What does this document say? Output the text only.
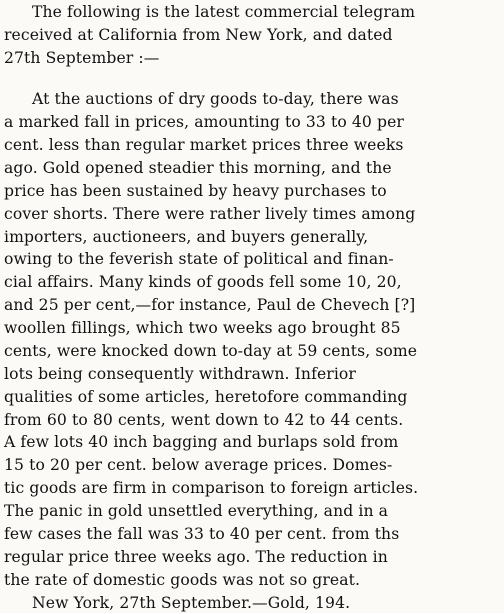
The following is the latest commercial telegram
received at California from New York, and dated
27th September :—
At the auctions of dry goods to-day, there was
a marked fall in prices, amounting to 33 to 40 per
cent. less than regular market prices three weeks
ago. Gold opened steadier this morning, and the
price has been sustained by heavy purchases to
cover shorts. There were rather lively times among
importers, auctioneers, and buyers generally,
owing to the feverish state of political and finan-
cial affairs. Many kinds of goods fell some 10, 20,
and 25 per cent,—for instance, Paul de Chevech [?]
woollen fillings, which two weeks ago brought 85
cents, were knocked down to-day at 59 cents, some
lots being consequently withdrawn. Inferior
qualities of some articles, heretofore commanding
from 60 to 80 cents, went down to 42 to 44 cents.
A few lots 40 inch bagging and burlaps sold from
15 to 20 per cent. below average prices. Domes-
tic goods are firm in comparison to foreign articles.
The panic in gold unsettled everything, and in a
few cases the fall was 33 to 40 per cent. from ths
regular price three weeks ago. The reduction in
the rate of domestic goods was not so great.
New York, 27th September.—Gold, 194.
